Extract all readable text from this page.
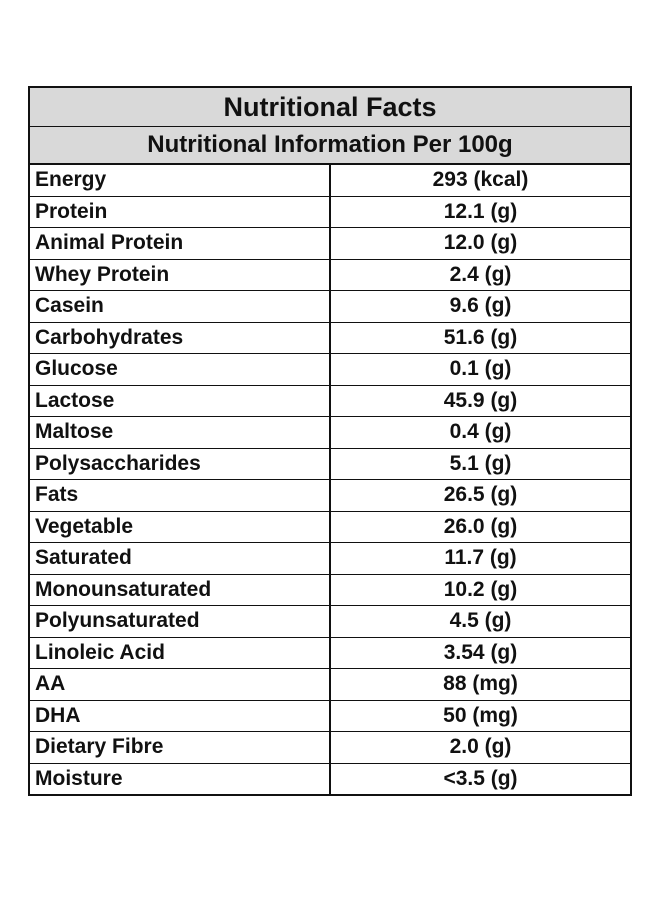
Nutritional Facts	
Nutritional Information Per 100g	
Energy	293 (kcal)
Protein	12.1 (g)
Animal Protein	12.0 (g)
Whey Protein	2.4 (g)
Casein	9.6 (g)
Carbohydrates	51.6 (g)
Glucose	0.1 (g)
Lactose	45.9 (g)
Maltose	0.4 (g)
Polysaccharides	5.1 (g)
Fats	26.5 (g)
Vegetable	26.0 (g)
Saturated	11.7 (g)
Monounsaturated	10.2 (g)
Polyunsaturated	4.5 (g)
Linoleic Acid	3.54 (g)
AA	88 (mg)
DHA	50 (mg)
Dietary Fibre	2.0 (g)
Moisture	<3.5 (g)
